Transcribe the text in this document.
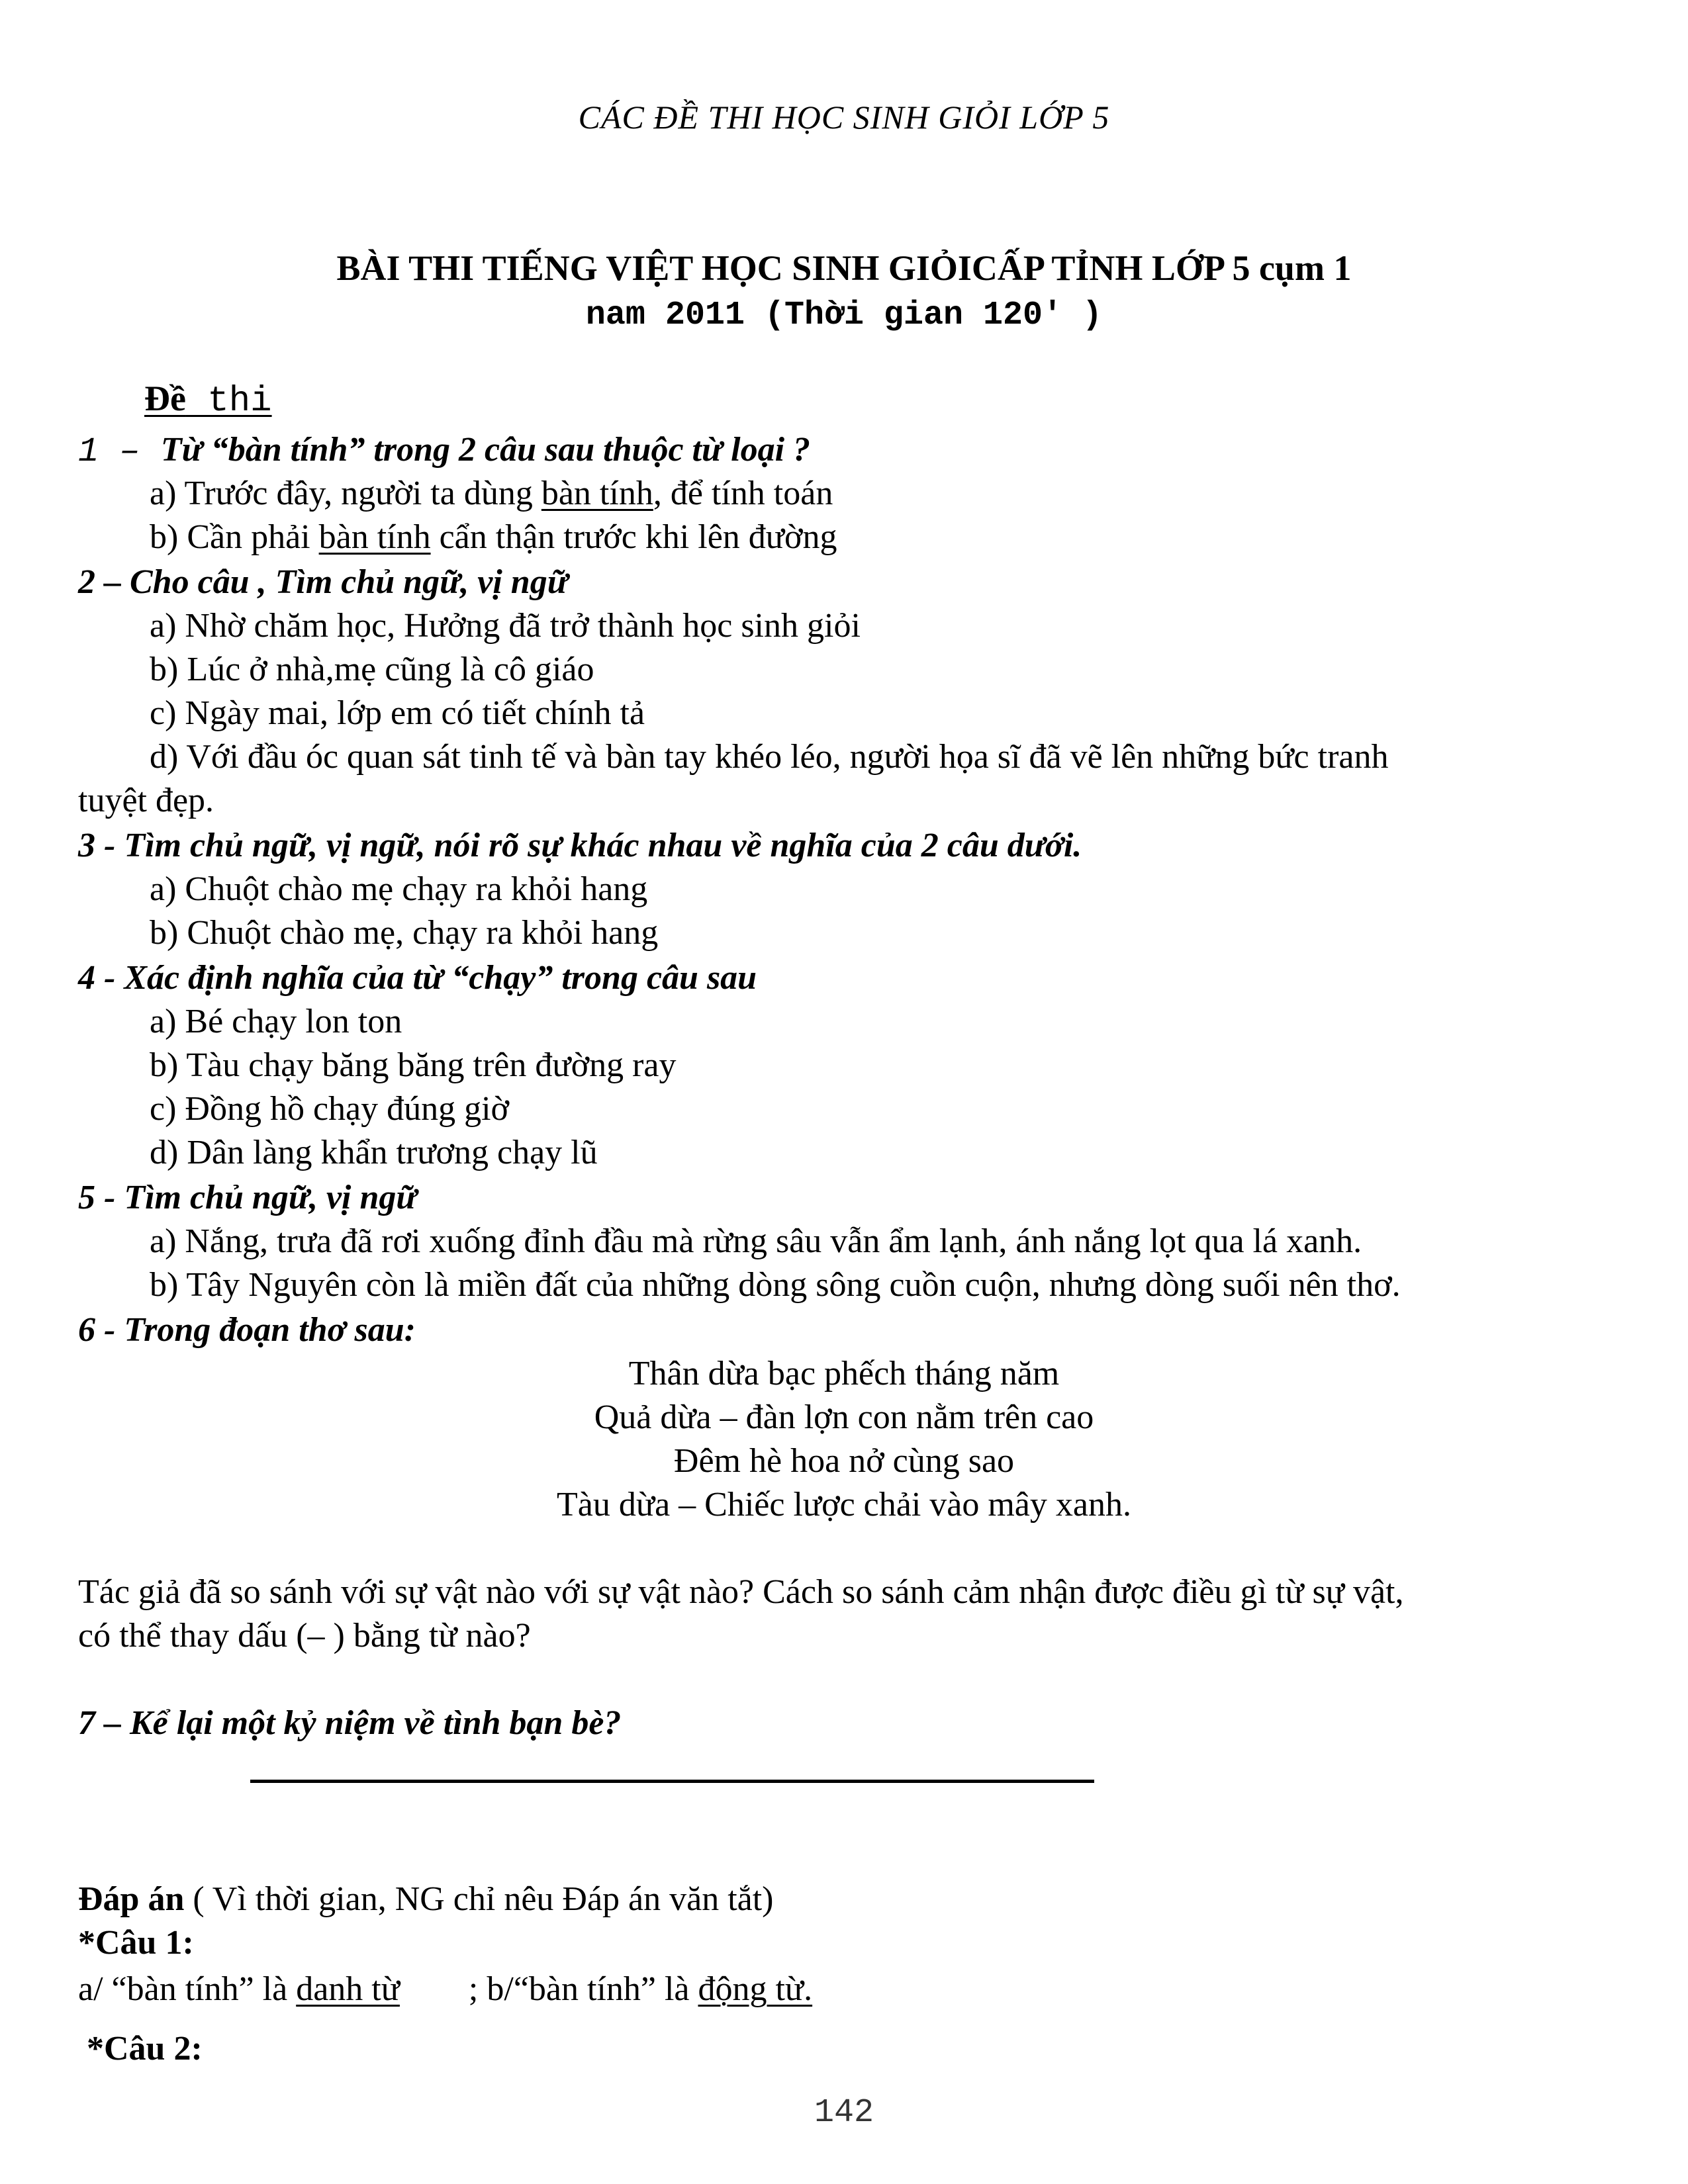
CÁC ĐỀ THI HỌC SINH GIỎI LỚP 5
BÀI THI TIẾNG VIỆT HỌC SINH GIỎICẤP TỈNH LỚP 5 cụm 1
nam 2011 (Thời gian 120′ )
Đề thi
1 – Từ “bàn tính” trong 2 câu sau thuộc từ loại ?
a) Trước đây, người ta dùng bàn tính, để tính toán
b) Cần phải bàn tính cẩn thận trước khi lên đường
2 – Cho câu , Tìm chủ ngữ, vị ngữ
a) Nhờ chăm học, Hưởng đã trở thành học sinh giỏi
b) Lúc ở nhà,mẹ cũng là cô giáo
c) Ngày mai, lớp em có tiết chính tả
d) Với đầu óc quan sát tinh tế và bàn tay khéo léo, người họa sĩ đã vẽ lên những bức tranh
tuyệt đẹp.
3 - Tìm chủ ngữ, vị ngữ, nói rõ sự khác nhau về nghĩa của 2 câu dưới.
a) Chuột chào mẹ chạy ra khỏi hang
b) Chuột chào mẹ, chạy ra khỏi hang
4 - Xác định nghĩa của từ “chạy” trong câu sau
a) Bé chạy lon ton
b) Tàu chạy băng băng trên đường ray
c) Đồng hồ chạy đúng giờ
d) Dân làng khẩn trương chạy lũ
5 - Tìm chủ ngữ, vị ngữ
a) Nắng, trưa đã rơi xuống đỉnh đầu mà rừng sâu vẫn ẩm lạnh, ánh nắng lọt qua lá xanh.
b) Tây Nguyên còn là miền đất của những dòng sông cuồn cuộn, nhưng dòng suối nên thơ.
6 - Trong đoạn thơ sau:
Thân dừa bạc phếch tháng năm
Quả dừa – đàn lợn con nằm trên cao
Đêm hè hoa nở cùng sao
Tàu dừa – Chiếc lược chải vào mây xanh.
Tác giả đã so sánh với sự vật nào với sự vật nào? Cách so sánh cảm nhận được điều gì từ sự vật,
có thể thay dấu (– ) bằng từ nào?
7 – Kể lại một kỷ niệm về tình bạn bè?
Đáp án ( Vì thời gian, NG chỉ nêu Đáp án văn tắt)
*Câu 1:
a/ “bàn tính” là danh từ        ; b/“bàn tính” là động từ.
*Câu 2:
142
